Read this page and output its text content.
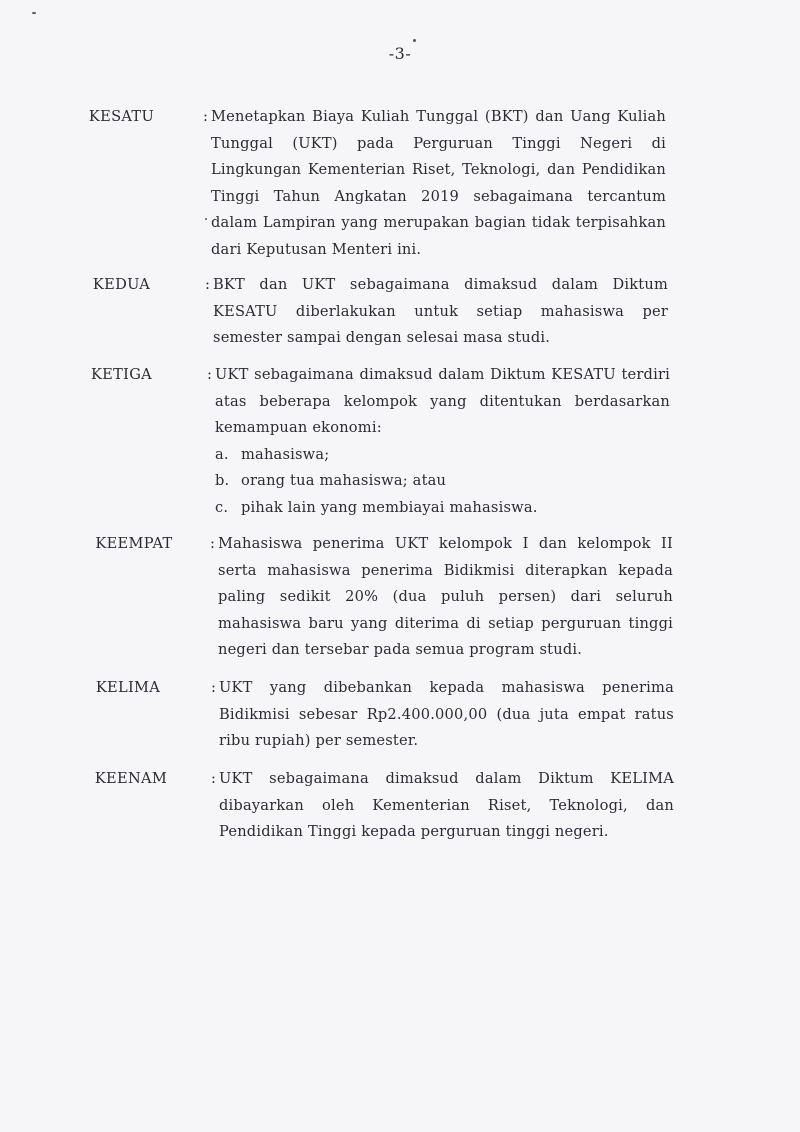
-3-
KESATU	: Menetapkan Biaya Kuliah Tunggal (BKT) dan Uang Kuliah Tunggal (UKT) pada Perguruan Tinggi Negeri di Lingkungan Kementerian Riset, Teknologi, dan Pendidikan Tinggi Tahun Angkatan 2019 sebagaimana tercantum dalam Lampiran yang merupakan bagian tidak terpisahkan dari Keputusan Menteri ini.

KEDUA	: BKT dan UKT sebagaimana dimaksud dalam Diktum KESATU diberlakukan untuk setiap mahasiswa per semester sampai dengan selesai masa studi.

KETIGA	: UKT sebagaimana dimaksud dalam Diktum KESATU terdiri atas beberapa kelompok yang ditentukan berdasarkan kemampuan ekonomi:

a. mahasiswa;
b. orang tua mahasiswa; atau
c. pihak lain yang membiayai mahasiswa.
KEEMPAT	: Mahasiswa penerima UKT kelompok I dan kelompok II serta mahasiswa penerima Bidikmisi diterapkan kepada paling sedikit 20% (dua puluh persen) dari seluruh mahasiswa baru yang diterima di setiap perguruan tinggi negeri dan tersebar pada semua program studi.

KELIMA	: UKT yang dibebankan kepada mahasiswa penerima Bidikmisi sebesar Rp2.400.000,00 (dua juta empat ratus ribu rupiah) per semester.

KEENAM	: UKT sebagaimana dimaksud dalam Diktum KELIMA dibayarkan oleh Kementerian Riset, Teknologi, dan Pendidikan Tinggi kepada perguruan tinggi negeri.
